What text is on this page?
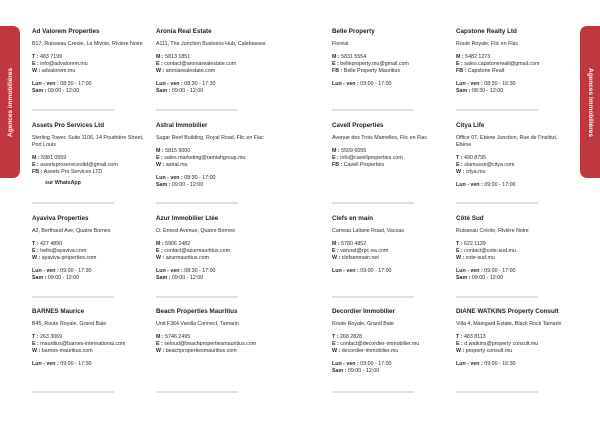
Agences immobilières	Agences immobilières
Ad Valorem Properties
B17, Ruisseau Creole, La Mivoie, Rivière Noire
T : 483 7199
E : info@advalorem.mu
W : advalorem.mu
Lun - ven : 08:30 - 17:00
Sam : 09:00 - 12:00
Aronia Real Estate
A111, The Junction Business Hub, Calebasses
M : 5813 1851
E : contact@aroniarealestate.com
W : aroniarealestate.com
Lun - ven : 08:30 - 17:30
Sam : 09:00 - 12:00
Belle Property
Floréal
M : 5831 5554
E : belleproperty.mu@gmail.com
FB : Belle Property Mauritius
Lun - ven : 09:00 - 17:00
Capstone Realty Ltd
Route Royale, Flic en Flac
M : 5482 1273
E : sales.capstonerealt@gmail.com
FB : Capstone Realt
Lun - ven : 08:30 - 16:30
Sam : 08:30 - 12:00
Assets Pro Services Ltd
Sterling Tower, Suite 1106, 14 Poudrière Street, Port Louis
M : 5981 0559
E : assetsproservicesltd@gmail.com
FB : Assets Pro Services LTD
sur WhatsApp
Astral Immobilier
Sugar Reef Building, Royal Road, Flic en Flac
M : 5815 9000
E : sales.marketing@ramiahgroup.mu
W : astral.mu
Lun - ven : 08:30 - 17:00
Sam : 09:00 - 12:00
Cavell Properties
Avenue des Trois Mamelles, Flic en Flac
M : 5509 6055
E : info@cavellproperties.com
FB : Cavell Properties
Citya Life
Office 07, Ebène Junction, Rue de l'Institut, Ebène
T : 490 8795
E : slamusse@citya.com
W : citya.mu
Lun - ven : 09:00 - 17:00
Ayaviva Properties
A2, Berthaud Ave, Quatre Bornes
T : 427 4890
E : hello@ayaviva.com
W : ayaviva-properties.com
Lun - ven : 09:00 - 17:30
Sam : 09:00 - 12:00
Azur Immobilier Ltée
O. Ernest Avenue, Quatre Bornes
M : 5906 2482
E : contact@azurmauritius.com
W : azurmauritius.com
Lun - ven : 08:30 - 17:00
Sam : 09:00 - 12:00
Clefs en main
Carreau Laliane Road, Vacoas
M : 5780 4852
E : varund@rpc-ea.com
W : clefsenmain.net
Lun - ven : 09:00 - 17:00
Côté Sud
Ruisseau Créole, Rivière Noire
T : 622 1139
E : contact@cote-sud.mu
W : cote-sud.mu
Lun - ven : 09:00 - 17:00
Sam : 09:00 - 12:00
BARNES Maurice
B45, Route Royale, Grand Baie
T : 263 3069
E : mauritius@barnes-international.com
W : barnes-mauritius.com
Lun - ven : 09:00 - 17:30
Beach Properties Mauritius
Unit F364 Vanilla Connect, Tamarin
M : 5746 2495
E : seloud@beachpropertiesmauritius.com
W : beachpropertiesmauritius.com
Decordier Immobilier
Route Royale, Grand Baie
T : 268 2828
E : contact@decordier-immobilier.mu
W : decordier-immobilier.mu
Lun - ven : 09:00 - 17:00
Sam : 09:00 - 12:00
DIANE WATKINS Property Consult
Villa 4, Maingard Estate, Black Rock Tamarin
T : 483 8113
E : d.watkins@property consult.mu
W : property consult.mu
Lun - ven : 09:00 - 16:30
